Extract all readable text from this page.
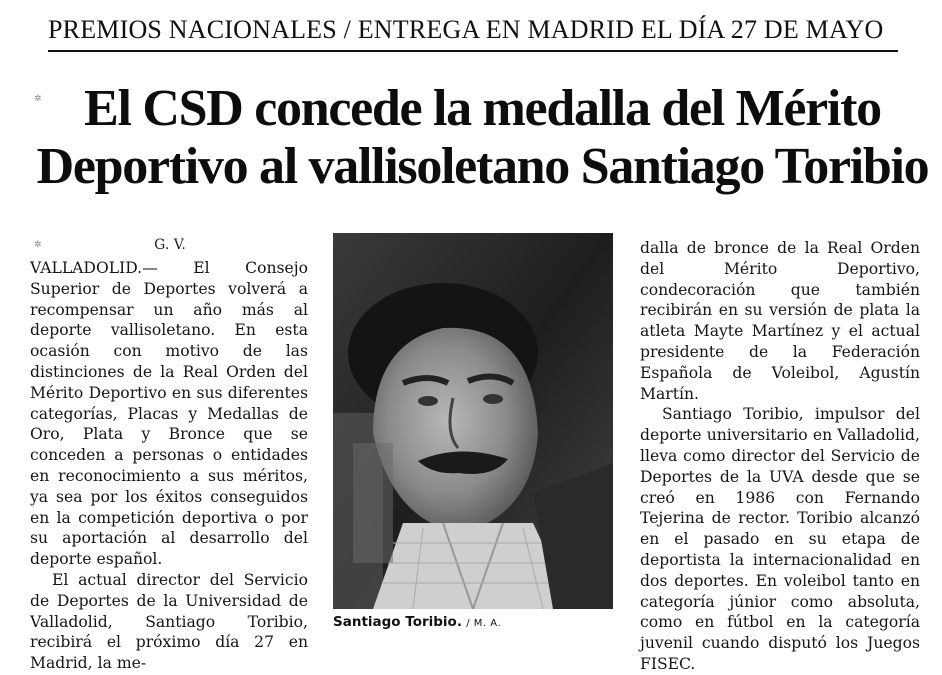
PREMIOS NACIONALES / ENTREGA EN MADRID EL DÍA 27 DE MAYO
El CSD concede la medalla del Mérito
Deportivo al vallisoletano Santiago Toribio
✲
✲	G. V.

VALLADOLID.— El Consejo Superior de Deportes volverá a recompensar un año más al deporte vallisoletano. En esta ocasión con motivo de las distinciones de la Real Orden del Mérito Deportivo en sus diferentes categorías, Placas y Medallas de Oro, Plata y Bronce que se conceden a personas o entidades en reconocimiento a sus méritos, ya sea por los éxitos conseguidos en la competición deportiva o por su aportación al desarrollo del deporte español.

El actual director del Servicio de Deportes de la Universidad de Valladolid, Santiago Toribio, recibirá el próximo día 27 en Madrid, la me-

Santiago Toribio. / M. A.

dalla de bronce de la Real Orden del Mérito Deportivo, condecoración que también recibirán en su versión de plata la atleta Mayte Martínez y el actual presidente de la Federación Española de Voleibol, Agustín Martín.

Santiago Toribio, impulsor del deporte universitario en Valladolid, lleva como director del Servicio de Deportes de la UVA desde que se creó en 1986 con Fernando Tejerina de rector. Toribio alcanzó en el pasado en su etapa de deportista la internacionalidad en dos deportes. En voleibol tanto en categoría júnior como absoluta, como en fútbol en la categoría juvenil cuando disputó los Juegos FISEC.
